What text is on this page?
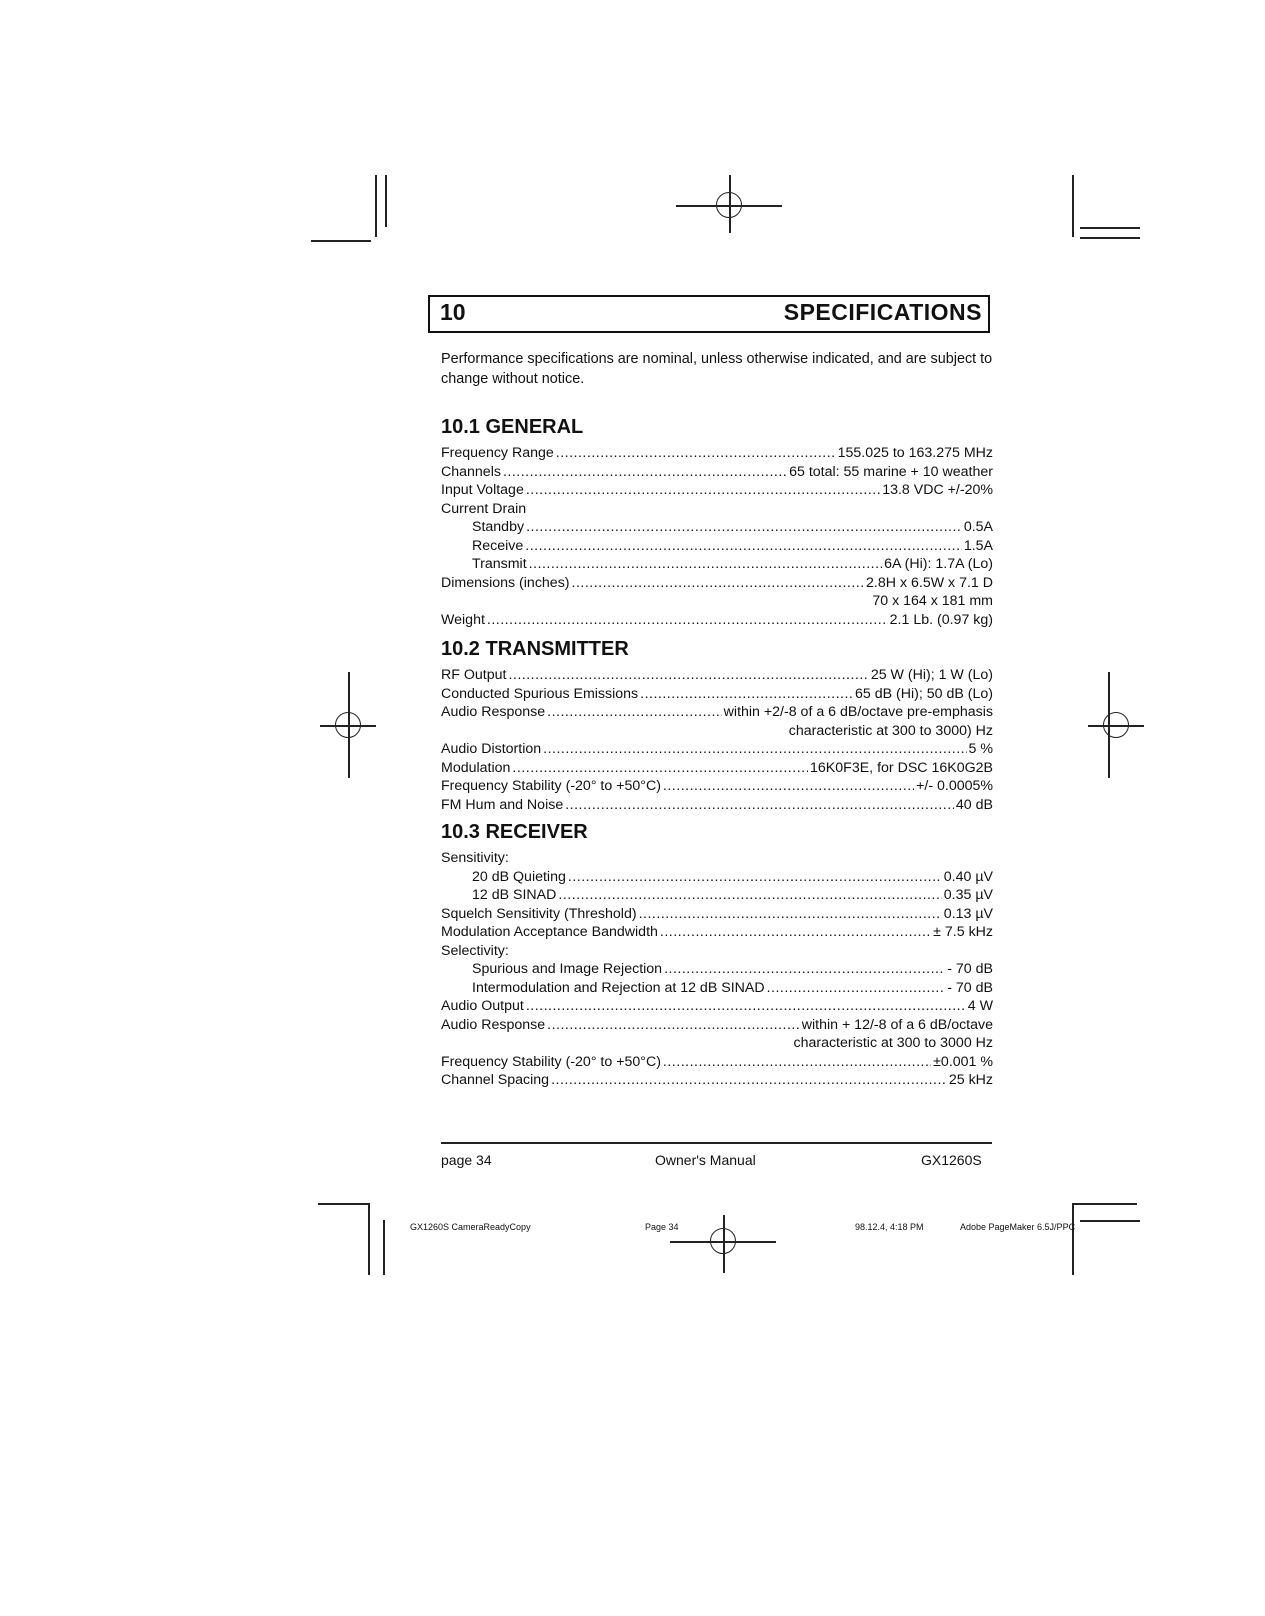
10	SPECIFICATIONS
Performance specifications are nominal, unless otherwise indicated, and are subject to change without notice.
10.1 GENERAL
Frequency Range .....	155.025 to 163.275 MHz
Channels .....	65 total: 55 marine + 10 weather
Input Voltage .....	13.8 VDC +/-20%
Current Drain
Standby .....	0.5A
Receive .....	1.5A
Transmit .....	6A (Hi): 1.7A (Lo)
Dimensions (inches) .....	2.8H x 6.5W x 7.1 D
70 x 164 x 181 mm
Weight .....	2.1 Lb. (0.97 kg)
10.2 TRANSMITTER
RF Output .....	25 W (Hi); 1 W (Lo)
Conducted Spurious Emissions .....	65 dB (Hi); 50 dB (Lo)
Audio Response .....	within +2/-8 of a 6 dB/octave pre-emphasis
characteristic at 300 to 3000) Hz
Audio Distortion .....	5 %
Modulation .....	16K0F3E, for DSC 16K0G2B
Frequency Stability (-20° to +50°C) .....	+/- 0.0005%
FM Hum and Noise .....	40 dB
10.3 RECEIVER
Sensitivity:
20 dB Quieting .....	0.40 µV
12 dB SINAD .....	0.35 µV
Squelch Sensitivity (Threshold) .....	0.13 µV
Modulation Acceptance Bandwidth .....	± 7.5 kHz
Selectivity:
Spurious and Image Rejection .....	- 70 dB
Intermodulation and Rejection at 12 dB SINAD .....	- 70 dB
Audio Output .....	4 W
Audio Response .....	within + 12/-8 of a 6 dB/octave
characteristic at 300 to 3000 Hz
Frequency Stability (-20° to +50°C) .....	±0.001 %
Channel Spacing .....	25 kHz
page 34	Owner's Manual	GX1260S
GX1260S CameraReadyCopy	Page 34	98.12.4, 4:18 PM	Adobe PageMaker 6.5J/PPC
